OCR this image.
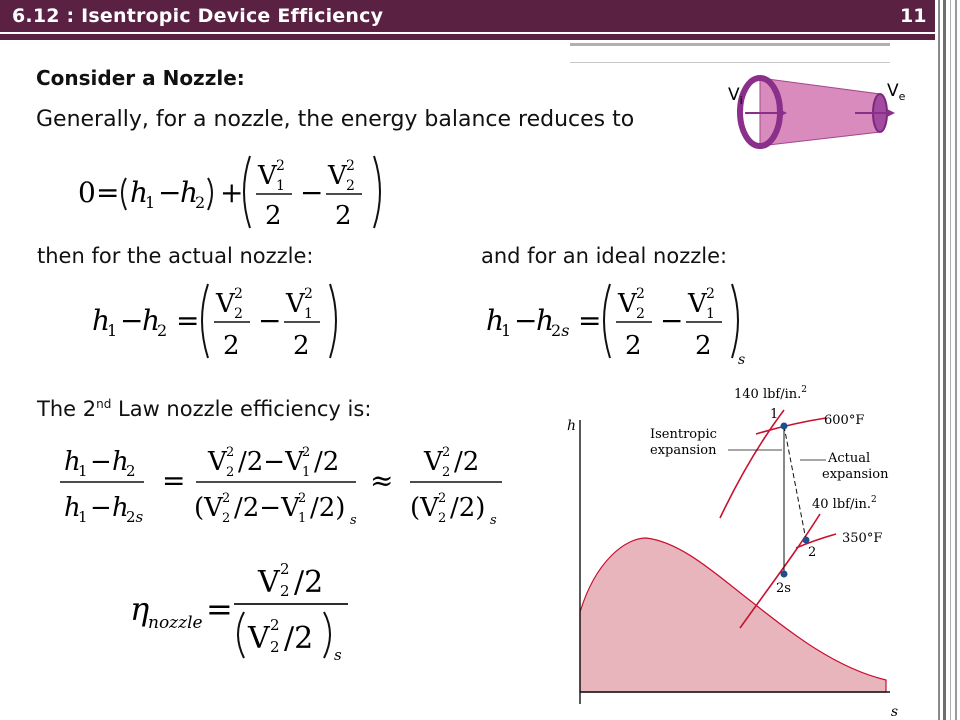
6.12 : Isentropic Device Efficiency	11
Consider a Nozzle:
Generally, for a nozzle, the energy balance reduces to
then for the actual nozzle:	and for an ideal nozzle:
The 2nd Law nozzle efficiency is:
$V_i$	$V_e$
0 = h
1 −
h
2 + V 2
1
2
− V 2
2
2
h
1 −
h
2 = V 2
2
2
− V 2
1
2
h
1 −
h
2s = V 2
2
2
− V 2
1
2 s
h
1 − h
2
h
1 − h
2s
=
V 2
2 /2−V
2
1 /2
(V 2
2 /2−V
2
1 /2) s
≈
V 2
2 /2
(V 2
2 /2) s
η
nozzle =
V 2
2 /2
V 2
2 /2 s
h
s
140 lbf/in.$^2$
1	600°F
Isentropic
expansion
Actual
expansion
40 lbf/in.$^2$
350°F
2
2s
